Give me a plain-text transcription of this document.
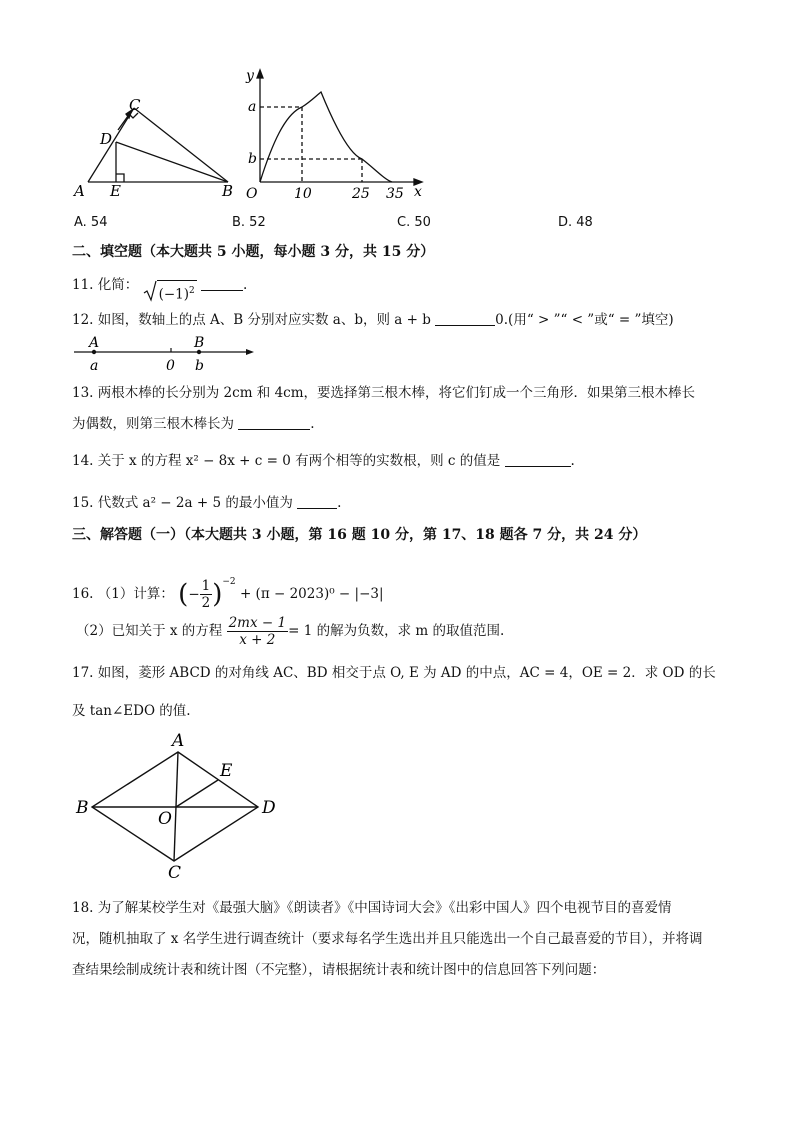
A E	B
C
D
y
a
b
O	10	25 35 x
A. 54	B. 52	C. 50	D. 48
二、填空题（本大题共 5 小题，每小题 3 分，共 15 分）
11. 化简： $(-1)^2$	.
12. 如图，数轴上的点 A、B 分别对应实数 a、b，则 a + b	0.(用“ > ”“ < ”或“ = ”填空)
A
a	0
B
b
13. 两根木棒的长分别为 2cm 和 4cm，要选择第三根木棒，将它们钉成一个三角形．如果第三根木棒长
为偶数，则第三根木棒长为	.
14. 关于 x 的方程 x² − 8x + c = 0 有两个相等的实数根，则 c 的值是	.
15. 代数式 a² − 2a + 5 的最小值为	.
三、解答题（一）（本大题共 3 小题，第 16 题 10 分，第 17、18 题各 7 分，共 24 分）
16. （1）计算： (− $\frac{1}{2} )^{-2} + (\pi - 2023)^0 - |-3|$
（2）已知关于 x 的方程 $\frac{2mx - 1}{x + 2} = 1$ 的解为负数，求 m 的取值范围.
17. 如图，菱形 ABCD 的对角线 AC、BD 相交于点 O, E 为 AD 的中点，AC = 4，OE = 2．求 OD 的长
及 tan∠EDO 的值.
A
B
C
D
E
O
18. 为了解某校学生对《最强大脑》《朗读者》《中国诗词大会》《出彩中国人》四个电视节目的喜爱情
况，随机抽取了 x 名学生进行调查统计（要求每名学生选出并且只能选出一个自己最喜爱的节目），并将调
查结果绘制成统计表和统计图（不完整），请根据统计表和统计图中的信息回答下列问题：
